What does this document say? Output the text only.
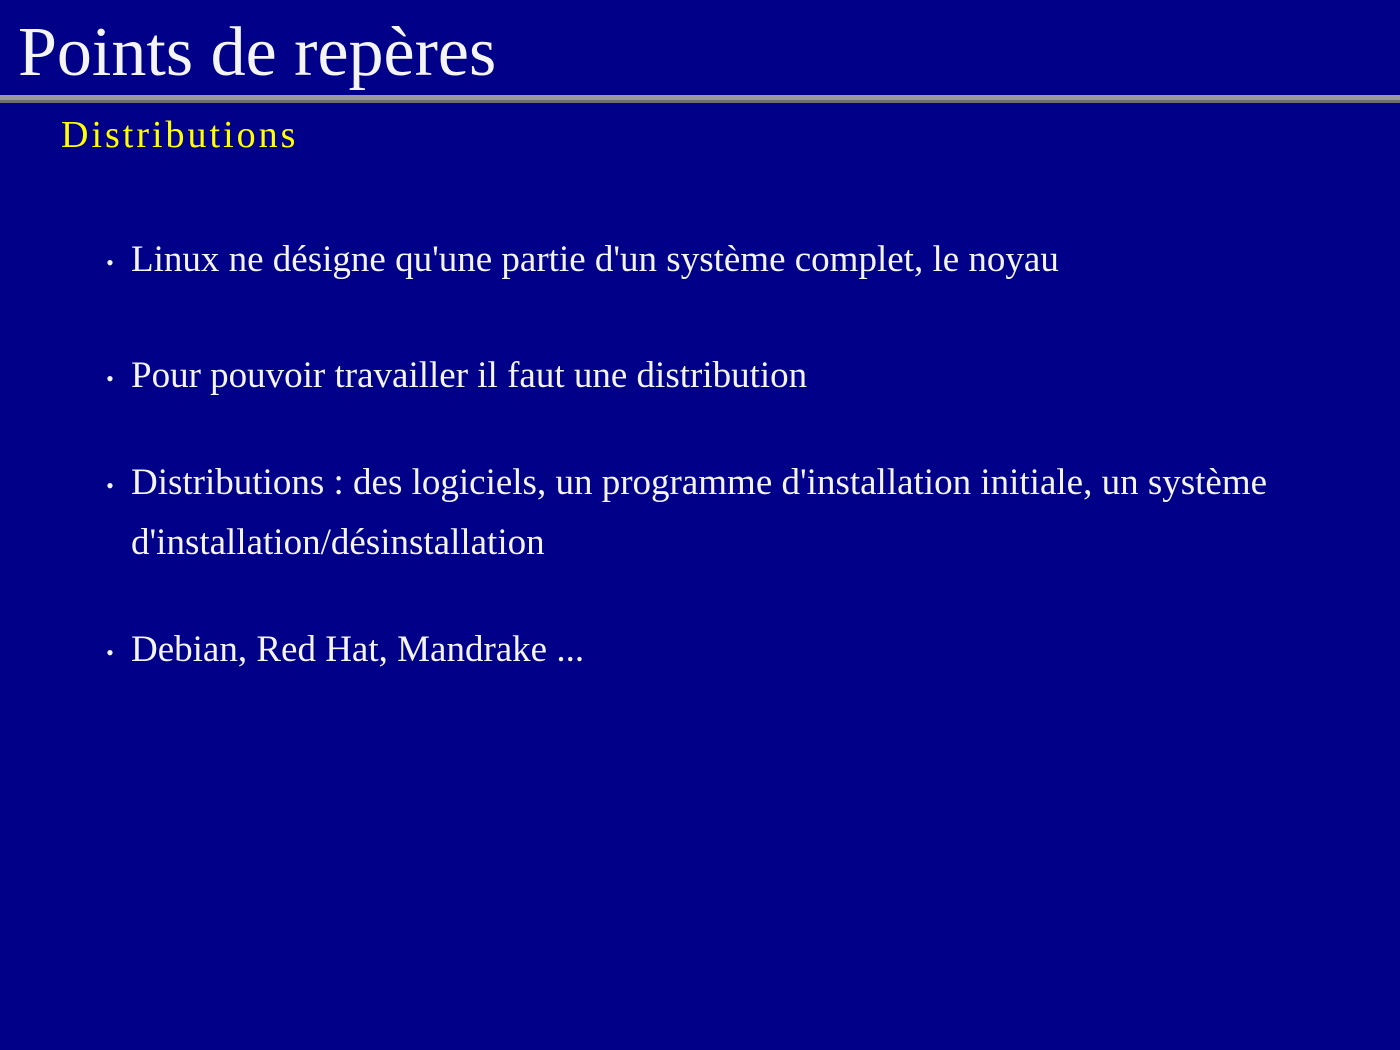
Points de repères
Distributions
• Linux ne désigne qu'une partie d'un système complet, le noyau
• Pour pouvoir travailler il faut une distribution
• Distributions : des logiciels, un programme d'installation initiale, un système d'installation/désinstallation
• Debian, Red Hat, Mandrake ...
